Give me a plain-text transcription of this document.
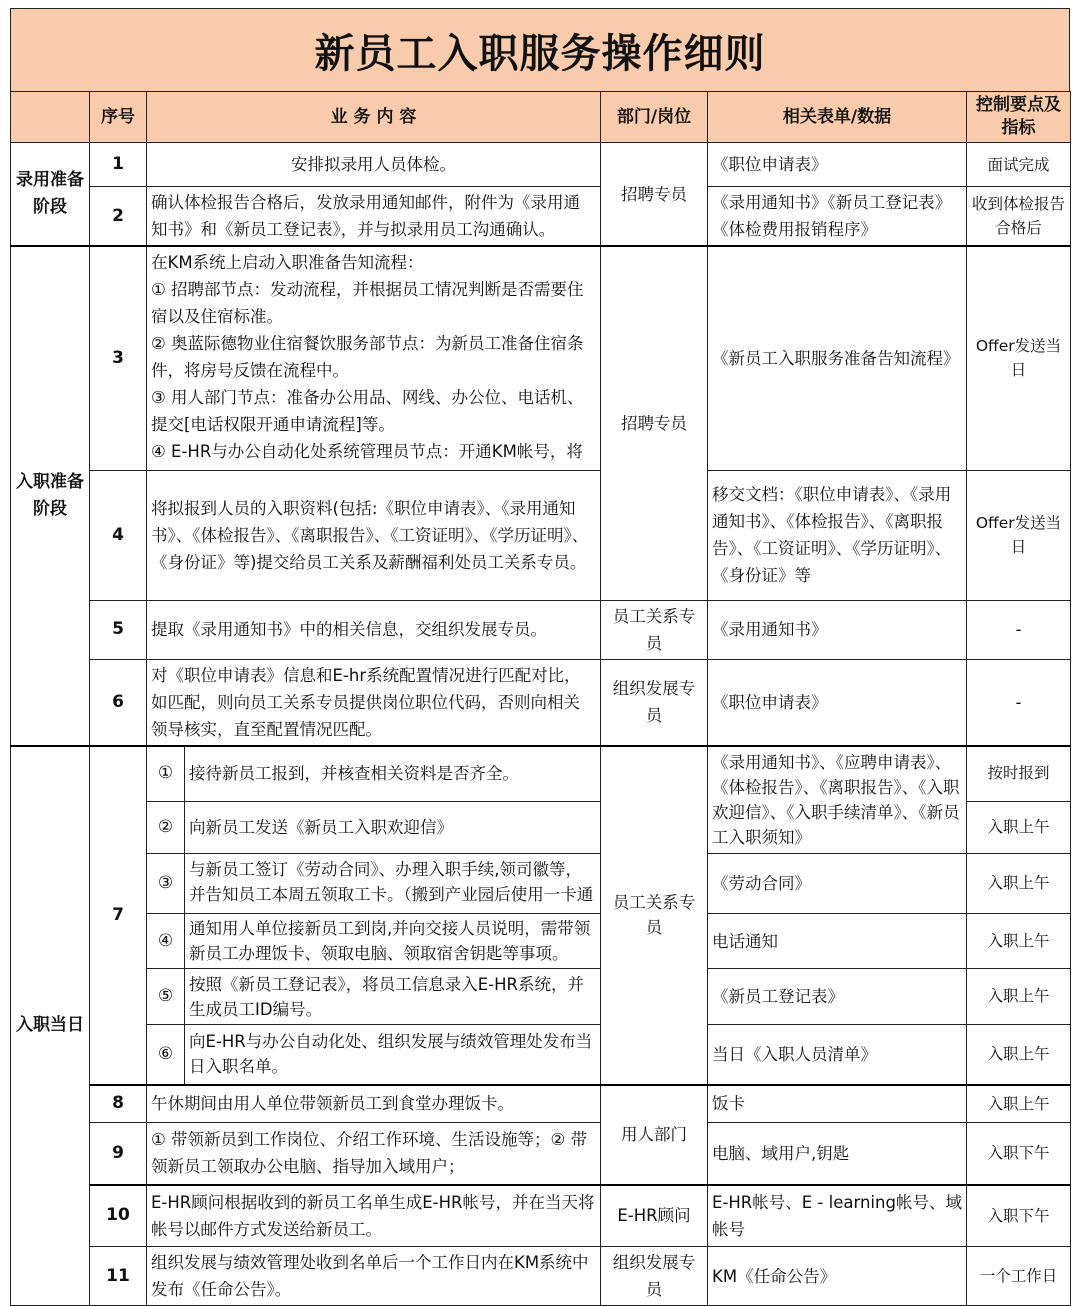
新员工入职服务操作细则
	序号	业 务 内 容		部门/岗位	相关表单/数据	控制要点及指标
录用准备阶段	1	安排拟录用人员体检。		招聘专员	《职位申请表》	面试完成
	2	确认体检报告合格后，发放录用通知邮件，附件为《录用通知书》和《新员工登记表》，并与拟录用员工沟通确认。			《录用通知书》《新员工登记表》《体检费用报销程序》	收到体检报告合格后
入职准备阶段	3	在KM系统上启动入职准备告知流程：
① 招聘部节点：发动流程，并根据员工情况判断是否需要住宿以及住宿标准。
② 奥蓝际德物业住宿餐饮服务部节点：为新员工准备住宿条件，将房号反馈在流程中。
③ 用人部门节点：准备办公用品、网线、办公位、电话机、提交[电话权限开通申请流程]等。
④ E-HR与办公自动化处系统管理员节点：开通KM帐号，将		招聘专员	《新员工入职服务准备告知流程》	Offer发送当日
	4	将拟报到人员的入职资料(包括:《职位申请表》、《录用通知书》、《体检报告》、《离职报告》、《工资证明》、《学历证明》、《身份证》等)提交给员工关系及薪酬福利处员工关系专员。			移交文档：《职位申请表》、《录用通知书》、《体检报告》、《离职报告》、《工资证明》、《学历证明》、《身份证》等	Offer发送当日
	5	提取《录用通知书》中的相关信息，交组织发展专员。		员工关系专员	《录用通知书》	-
	6	对《职位申请表》信息和E-hr系统配置情况进行匹配对比，如匹配，则向员工关系专员提供岗位职位代码，否则向相关领导核实，直至配置情况匹配。		组织发展专员	《职位申请表》	-
入职当日	7	①	接待新员工报到，并核查相关资料是否齐全。	员工关系专员	《录用通知书》、《应聘申请表》、《体检报告》、《离职报告》、《入职欢迎信》、《入职手续清单》、《新员工入职须知》	按时报到
		②	向新员工发送《新员工入职欢迎信》			入职上午
		③	与新员工签订《劳动合同》、办理入职手续,领司徽等，并告知员工本周五领取工卡。（搬到产业园后使用一卡通		《劳动合同》	入职上午
		④	通知用人单位接新员工到岗,并向交接人员说明，需带领新员工办理饭卡、领取电脑、领取宿舍钥匙等事项。		电话通知	入职上午
		⑤	按照《新员工登记表》，将员工信息录入E-HR系统，并生成员工ID编号。		《新员工登记表》	入职上午
		⑥	向E-HR与办公自动化处、组织发展与绩效管理处发布当日入职名单。		当日《入职人员清单》	入职上午
	8	午休期间由用人单位带领新员工到食堂办理饭卡。		用人部门	饭卡	入职上午
	9	① 带领新员到工作岗位、介绍工作环境、生活设施等；② 带领新员工领取办公电脑、指导加入域用户；			电脑、域用户,钥匙	入职下午
	10	E-HR顾问根据收到的新员工名单生成E-HR帐号，并在当天将帐号以邮件方式发送给新员工。		E-HR顾问	E-HR帐号、E - learning帐号、域帐号	入职下午
	11	组织发展与绩效管理处收到名单后一个工作日内在KM系统中发布《任命公告》。		组织发展专员	KM《任命公告》	一个工作日
